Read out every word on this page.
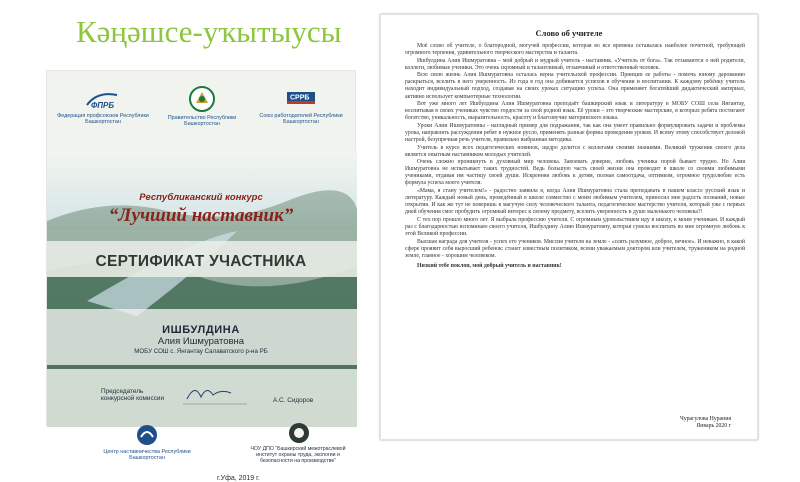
Кәңәшсе-уҡытыусы
ФПРБ
Федерация профсоюзов Республики Башкортостан
Правительство Республики Башкортостан
СРРБ
Союз работодателей Республики Башкортостан
Республиканский конкурс
“Лучший наставник”
СЕРТИФИКАТ УЧАСТНИКА
ИШБУЛДИНА
Алия Ишмуратовна
МОБУ СОШ с. Янгантау Салаватского р-на РБ
Председатель конкурсной комиссии	А.С. Сидоров
Центр наставничества Республики Башкортостан
ЧОУ ДПО “Башкирский межотраслевой институт охраны труда, экологии и безопасности на производстве”
г.Уфа, 2019 г.
Слово об учителе

Моё слово об учителе, о благородной, могучей профессии, которая во все времена оставалась наиболее почетной, требующей огромного терпения, удивительного творческого мастерства и таланта.

Ишбулдина Алия Ишмуратовна – мой добрый и мудрый учитель - наставник. «Учитель от бога». Так отзываются о ней родители, коллеги, любимые ученики. Это очень скромный и талантливый, отзывчивый и ответственный человек.

Всю свою жизнь Алия Ишмуратовна осталась верна учительской профессии. Принцип ее работы - помочь юному дарованию раскрыться, вселить в него уверенность. Из года в год она добивается успехов в обучении и воспитании. К каждому ребёнку учитель находит индивидуальный подход, создавая на своих уроках ситуацию успеха. Она применяет богатейший дидактический материал, активно использует компьютерные технологии.

Вот уже много лет Ишбулдина Алия Ишмуратовна преподаёт башкирский язык и литературу в МОБУ СОШ села Янгантау, воспитывая в своих учениках чувство гордости за свой родной язык. Её уроки – это творческие мастерские, в которых ребята постигают богатство, уникальность, выразительность, красоту и благозвучие материнского языка.

Уроки Алии Ишмуратовны - наглядный пример для подражания, так как она умеет правильно формулировать задачи и проблемы урока, направлять рассуждения ребят в нужное русло, применять разные формы проведения уроков. И всему этому способствует деловой настрой, безупречная речь учителя, правильно выбранная методика.

Учитель в курсе всех педагогических новинок, щедро делится с коллегами своими знаниями. Великий труженик своего дела является опытным наставником молодых учителей.

Очень сложно проникнуть в духовный мир человека. Завоевать доверие, любовь ученика порой бывает трудно. Но Алия Ишмуратовна не испытывает таких трудностей. Ведь большую часть своей жизни она проводит в школе со своими любимыми учениками, отдавая им частицу своей души. Искренняя любовь к детям, полная самоотдача, оптимизм, огромное трудолюбие есть формула успеха моего учителя.

«Мама, я стану учителем!» - радостно заявила я, когда Алия Ишмуратовна стала преподавать в нашем классе русский язык и литературу. Каждый новый день, проведённый в школе совместно с моим любимым учителем, приносил мне радость познаний, новые открытия. И как же тут не поверишь в магучую силу человеческого таланта, педагогическое мастерство учителя, который уже с первых дней обучения смог пробудить огромный интерес к своему предмету, вселить уверенность в душе маленького человека?!

С тех пор прошло много лет. Я выбрала профессию учителя. С огромным удовольствием иду в школу, к моим ученикам. И каждый раз с благодарностью вспоминаю своего учителя, Ишбулдину Алию Ишмуратовну, которая сумела воспитать во мне огромную любовь к этой Великой профессии.

Высшая награда для учителя - успех его учеников. Миссия учителя на земле - «сеять разумное, доброе, вечное». И неважно, в какой сфере проявит себя выросший ребенок: станет известным политиком, всеми уважаемым доктором или учителем, тружеником на родной земле, главное - хорошим человеком.

Низкий тебе поклон, мой добрый учитель и наставник!

Чурагулова Нурания
Январь 2020 г
